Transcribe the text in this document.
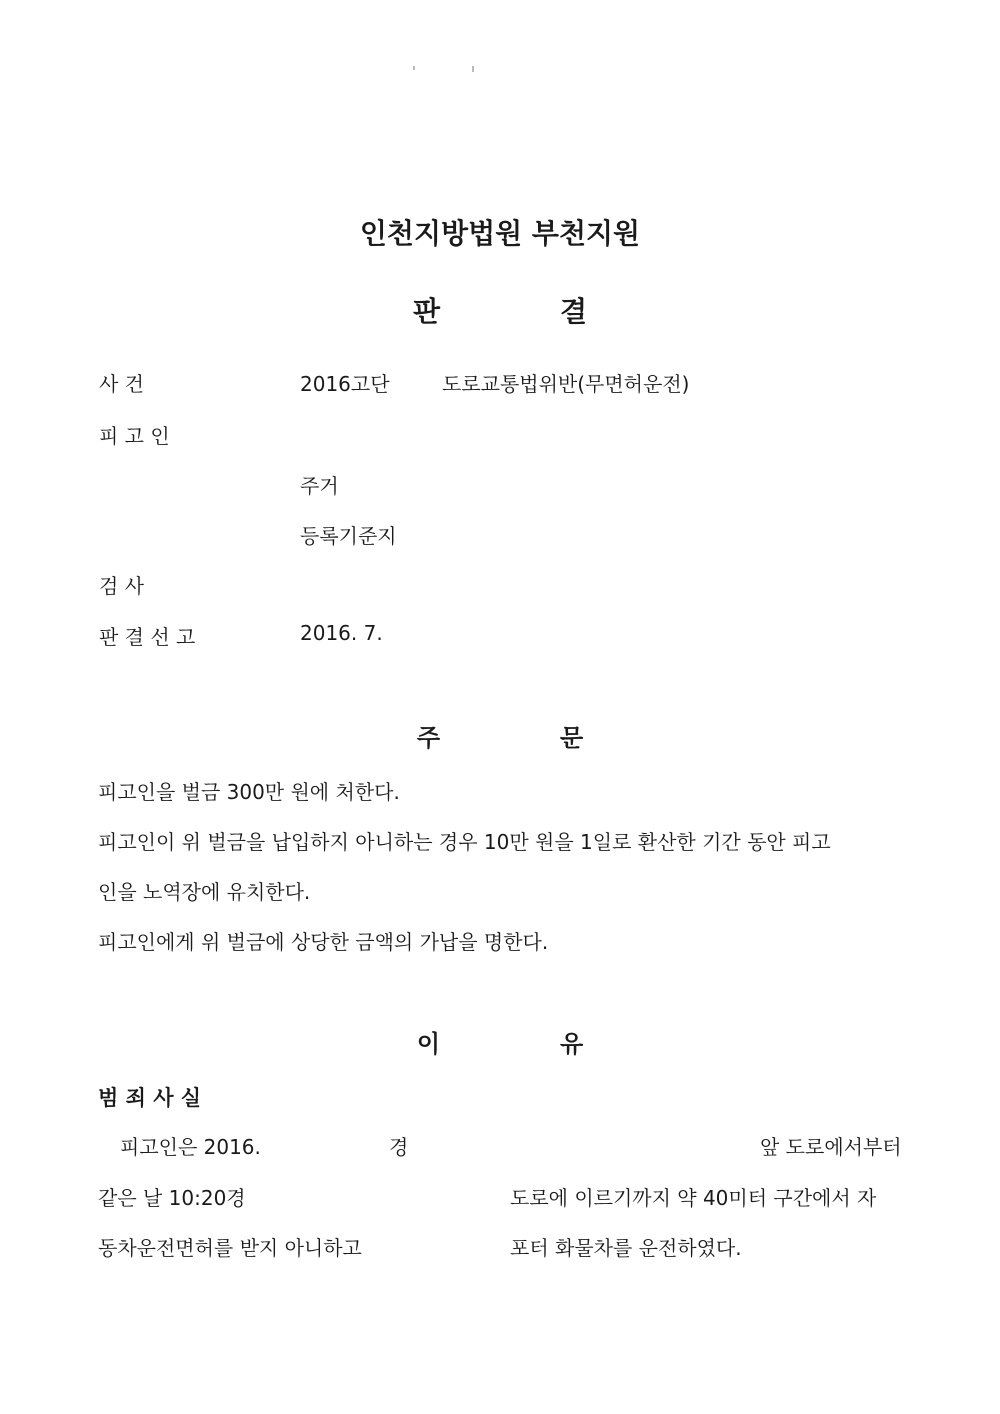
인천지방법원 부천지원
판	결
사 건	2016고단	도로교통법위반(무면허운전)
피 고 인
주거
등록기준지
검 사
판 결 선 고	2016. 7.
주	문
피고인을 벌금 300만 원에 처한다.
피고인이 위 벌금을 납입하지 아니하는 경우 10만 원을 1일로 환산한 기간 동안 피고
인을 노역장에 유치한다.
피고인에게 위 벌금에 상당한 금액의 가납을 명한다.
이	유
범 죄 사 실
피고인은 2016.	경	앞 도로에서부터
같은 날 10:20경	도로에 이르기까지 약 40미터 구간에서 자
동차운전면허를 받지 아니하고	포터 화물차를 운전하였다.
